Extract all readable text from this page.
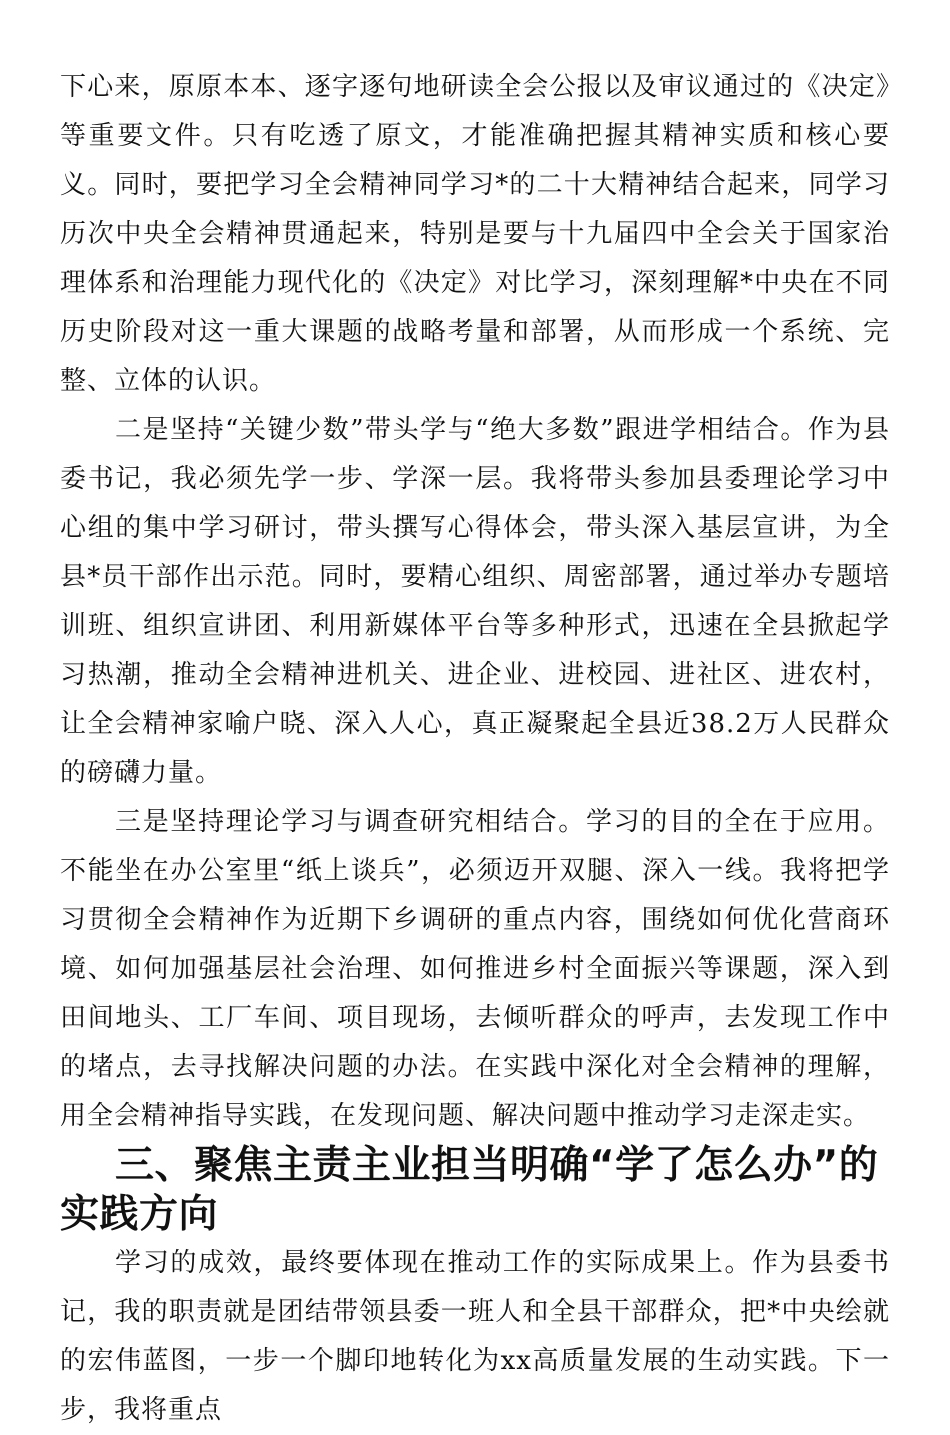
下心来，原原本本、逐字逐句地研读全会公报以及审议通过的《决定》等重要文件。只有吃透了原文，才能准确把握其精神实质和核心要义。同时，要把学习全会精神同学习*的二十大精神结合起来，同学习历次中央全会精神贯通起来，特别是要与十九届四中全会关于国家治理体系和治理能力现代化的《决定》对比学习，深刻理解*中央在不同历史阶段对这一重大课题的战略考量和部署，从而形成一个系统、完整、立体的认识。

二是坚持“关键少数”带头学与“绝大多数”跟进学相结合。作为县委书记，我必须先学一步、学深一层。我将带头参加县委理论学习中心组的集中学习研讨，带头撰写心得体会，带头深入基层宣讲，为全县*员干部作出示范。同时，要精心组织、周密部署，通过举办专题培训班、组织宣讲团、利用新媒体平台等多种形式，迅速在全县掀起学习热潮，推动全会精神进机关、进企业、进校园、进社区、进农村，让全会精神家喻户晓、深入人心，真正凝聚起全县近38.2万人民群众的磅礴力量。

三是坚持理论学习与调查研究相结合。学习的目的全在于应用。不能坐在办公室里“纸上谈兵”，必须迈开双腿、深入一线。我将把学习贯彻全会精神作为近期下乡调研的重点内容，围绕如何优化营商环境、如何加强基层社会治理、如何推进乡村全面振兴等课题，深入到田间地头、工厂车间、项目现场，去倾听群众的呼声，去发现工作中的堵点，去寻找解决问题的办法。在实践中深化对全会精神的理解，用全会精神指导实践，在发现问题、解决问题中推动学习走深走实。

三、聚焦主责主业担当明确“学了怎么办”的实践方向

学习的成效，最终要体现在推动工作的实际成果上。作为县委书记，我的职责就是团结带领县委一班人和全县干部群众，把*中央绘就的宏伟蓝图，一步一个脚印地转化为xx高质量发展的生动实践。下一步，我将重点
